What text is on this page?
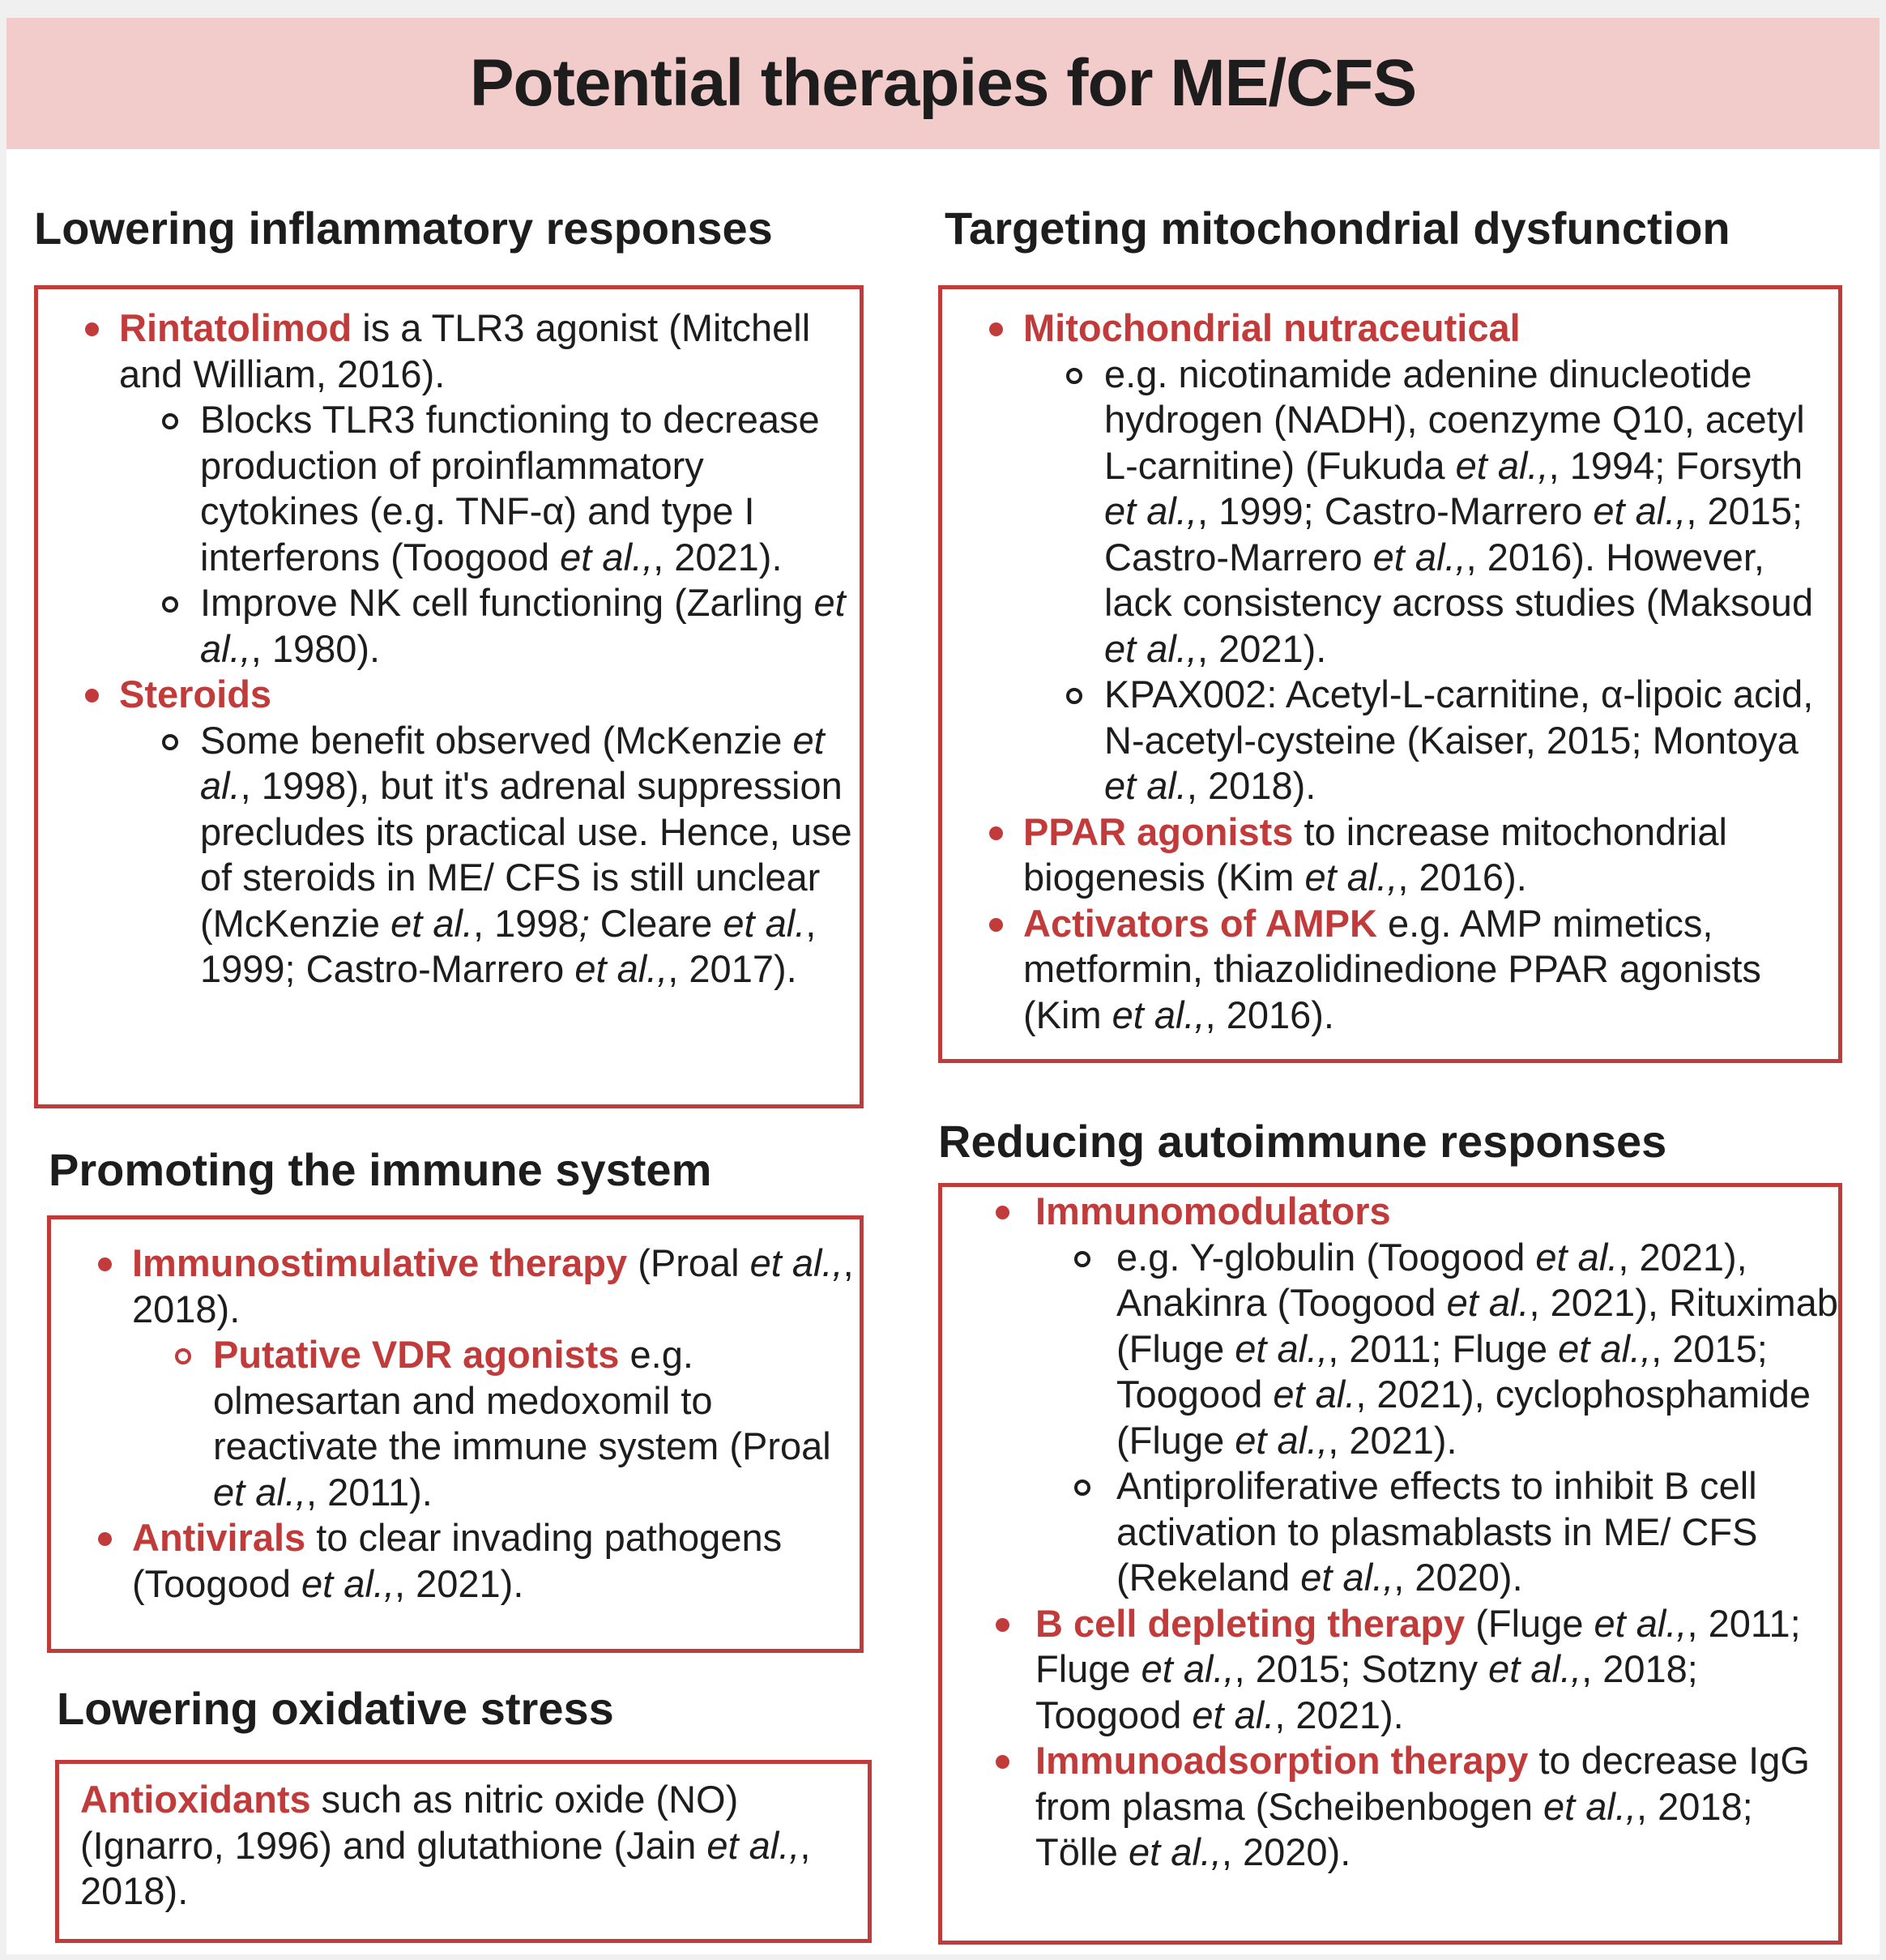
Potential therapies for ME/CFS
Lowering inflammatory responses
Rintatolimod is a TLR3 agonist (Mitchell and William, 2016).
Blocks TLR3 functioning to decrease production of proinflammatory cytokines (e.g. TNF-α) and type I interferons (Toogood et al.,, 2021).
Improve NK cell functioning (Zarling et al.,, 1980).
Steroids
Some benefit observed (McKenzie et al., 1998), but it's adrenal suppression precludes its practical use. Hence, use of steroids in ME/ CFS is still unclear (McKenzie et al., 1998; Cleare et al., 1999; Castro-Marrero et al.,, 2017).
Promoting the immune system
Immunostimulative therapy (Proal et al.,, 2018).
Putative VDR agonists e.g. olmesartan and medoxomil to reactivate the immune system (Proal et al.,, 2011).
Antivirals to clear invading pathogens (Toogood et al.,, 2021).
Lowering oxidative stress
Antioxidants such as nitric oxide (NO) (Ignarro, 1996) and glutathione (Jain et al.,, 2018).
Targeting mitochondrial dysfunction
Mitochondrial nutraceutical
e.g. nicotinamide adenine dinucleotide hydrogen (NADH), coenzyme Q10, acetyl L-carnitine) (Fukuda et al.,, 1994; Forsyth et al.,, 1999; Castro-Marrero et al.,, 2015; Castro-Marrero et al.,, 2016). However, lack consistency across studies (Maksoud et al.,, 2021).
KPAX002: Acetyl-L-carnitine, α-lipoic acid, N-acetyl-cysteine (Kaiser, 2015; Montoya et al., 2018).
PPAR agonists to increase mitochondrial biogenesis (Kim et al.,, 2016).
Activators of AMPK e.g. AMP mimetics, metformin, thiazolidinedione PPAR agonists (Kim et al.,, 2016).
Reducing autoimmune responses
Immunomodulators
e.g. Y-globulin (Toogood et al., 2021), Anakinra (Toogood et al., 2021), Rituximab (Fluge et al.,, 2011; Fluge et al.,, 2015; Toogood et al., 2021), cyclophosphamide (Fluge et al.,, 2021).
Antiproliferative effects to inhibit B cell activation to plasmablasts in ME/ CFS (Rekeland et al.,, 2020).
B cell depleting therapy (Fluge et al.,, 2011; Fluge et al.,, 2015; Sotzny et al.,, 2018; Toogood et al., 2021).
Immunoadsorption therapy to decrease IgG from plasma (Scheibenbogen et al.,, 2018; Tölle et al.,, 2020).
